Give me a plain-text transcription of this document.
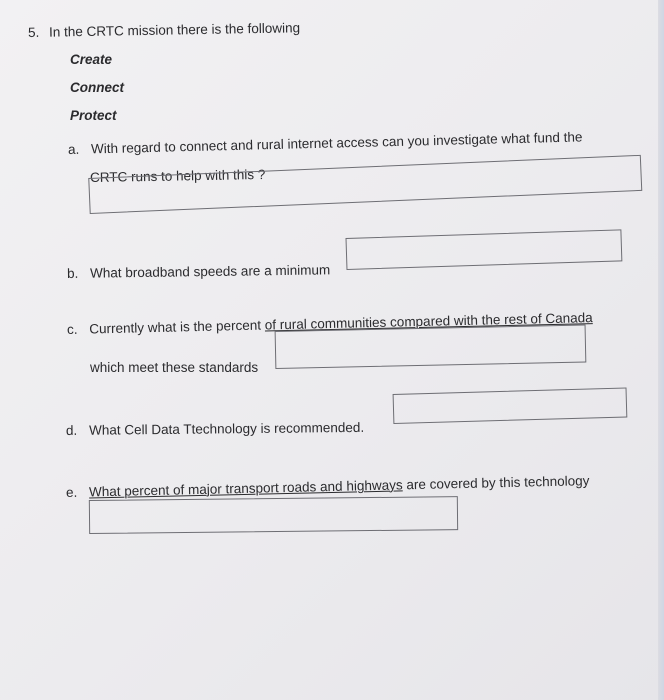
5. In the CRTC mission there is the following
Create
Connect
Protect
a. With regard to connect and rural internet access can you investigate what fund the
CRTC runs to help with this ?
b. What broadband speeds are a minimum
c. Currently what is the percent of rural communities compared with the rest of Canada
which meet these standards
d. What Cell Data Ttechnology is recommended.
e. What percent of major transport roads and highways are covered by this technology
